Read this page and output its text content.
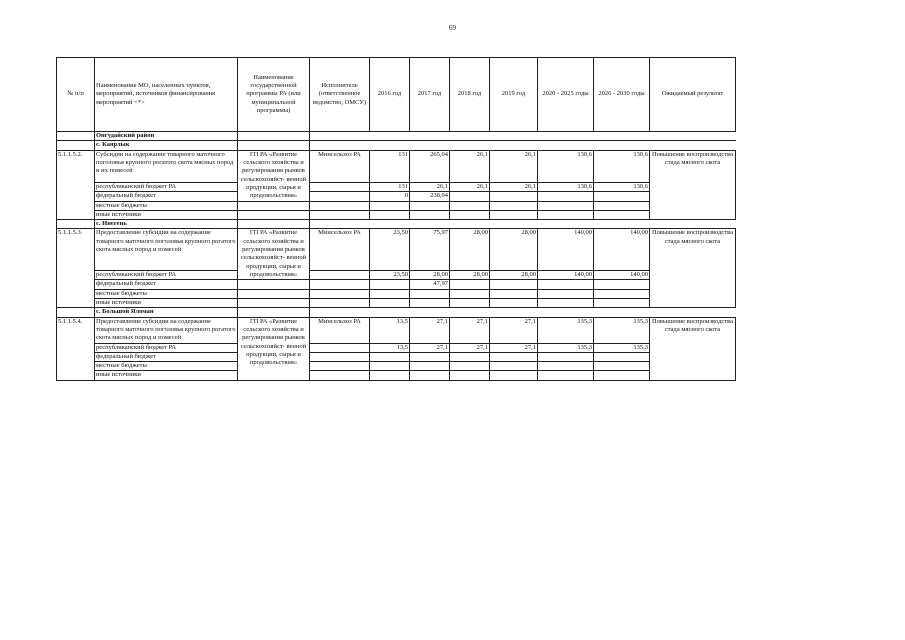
69
№ п/п	Наименование МО, населенных пунктов, мероприятий, источников финансирования мероприятий <*>	Наименование государственной программы РА (или муниципальной программы)	Исполнитель (ответственное ведомство, ОМСУ)	2016 год	2017 год	2018 год	2019 год	2020 - 2025 годы	2026 - 2030 годы	Ожидаемый результат
	Онгудайский район									
	с. Каярлык									
5.1.1.5.2.	Субсидии на содержание товарного маточного поголовья крупного рогатого скота мясных пород и их помесей	ГП РА «Развитие сельского хозяйства и регулирования рынков сельскохозяйст- венной продукции, сырья и продовольствия»	Минсельхоз РА	131	265,04	26,1	26,1	130,6	130,6	Повышение воспроизводства стада мясного скота
	республиканский бюджет РА			131	26,1	26,1	26,1	130,6	130,6	
	федеральный бюджет			0	238,94					
	местные бюджеты									
	иные источники									
	с. Инегень									
5.1.1.5.3.	Предоставление субсидии на содержание товарного маточного поголовья крупного рогатого скота мясных пород и помесей	ГП РА «Развитие сельского хозяйства и регулирования рынков сельскохозяйст- венной продукции, сырья и продовольствия»	Минсельхоз РА	23,50	75,97	28,00	28,00	140,00	140,00	Повышение воспроизводства стада мясного скота
	республиканский бюджет РА			23,50	28,00	28,00	28,00	140,00	140,00	
	федеральный бюджет				47,97					
	местные бюджеты									
	иные источники									
	с. Большой Яломан									
5.1.1.5.4.	Предоставление субсидии на содержание товарного маточного поголовья крупного рогатого скота мясных пород и помесей	ГП РА «Развитие сельского хозяйства и регулирования рынков сельскохозяйст- венной продукции, сырья и продовольствия»	Минсельхоз РА	13,5	27,1	27,1	27,1	135,3	135,3	Повышение воспроизводства стада мясного скота
	республиканский бюджет РА			13,5	27,1	27,1	27,1	135,3	135,3	
	федеральный бюджет									
	местные бюджеты									
	иные источники									
